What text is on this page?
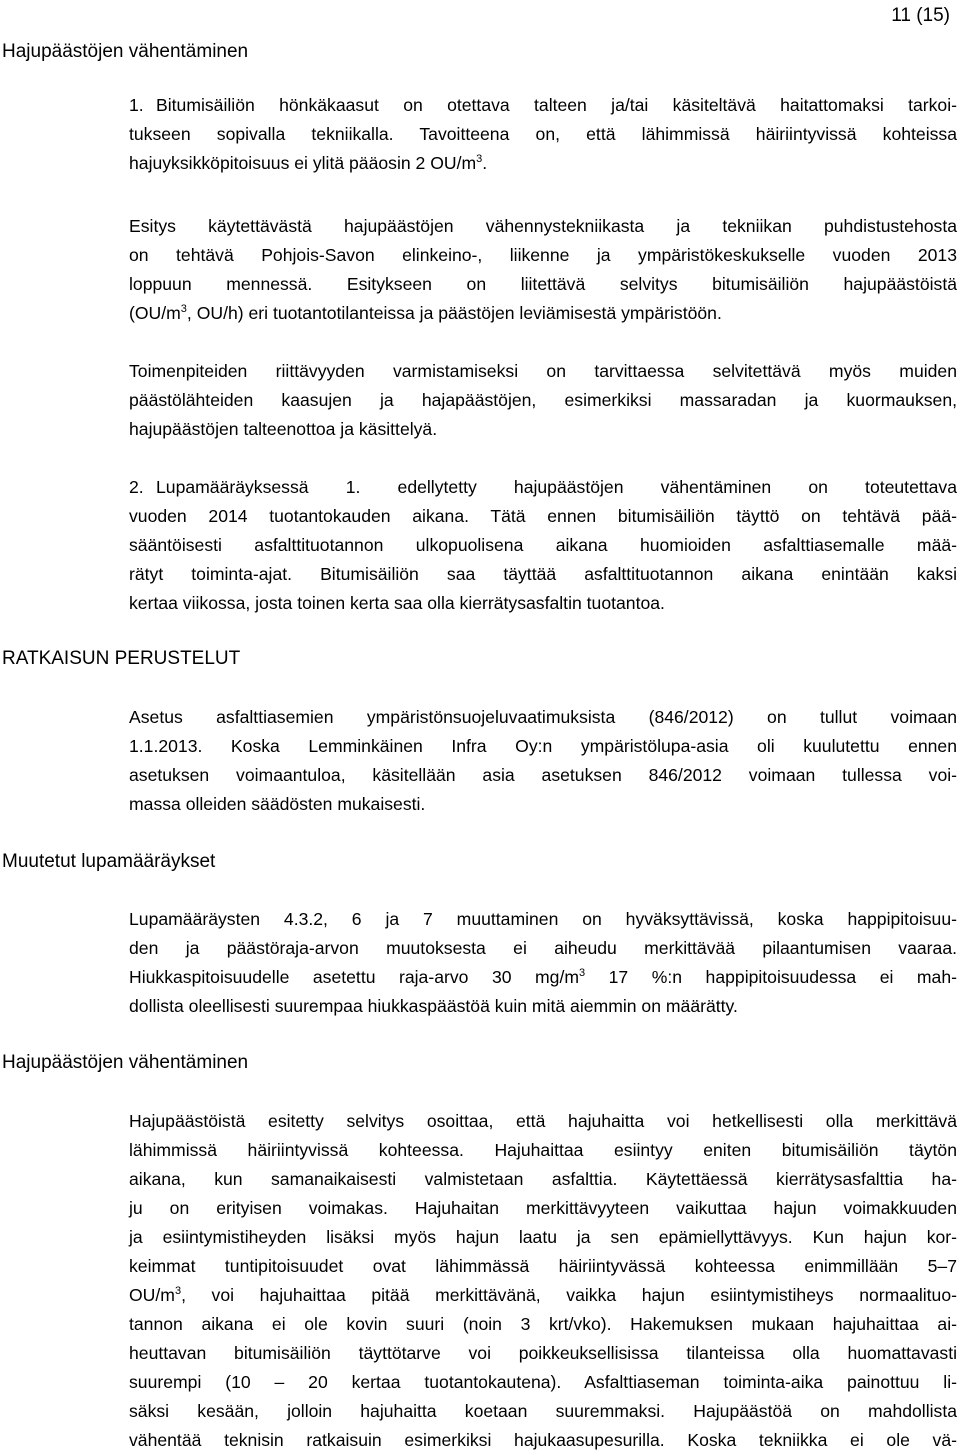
11 (15)
Hajupäästöjen vähentäminen
1. Bitumisäiliön hönkäkaasut on otettava talteen ja/tai käsiteltävä haitattomaksi tarkoi-
tukseen sopivalla tekniikalla. Tavoitteena on, että lähimmissä häiriintyvissä kohteissa
hajuyksikköpitoisuus ei ylitä pääosin 2 $OU/m^3$.
Esitys käytettävästä hajupäästöjen vähennystekniikasta ja tekniikan puhdistustehosta
on tehtävä Pohjois-Savon elinkeino-, liikenne ja ympäristökeskukselle vuoden 2013
loppuun mennessä. Esitykseen on liitettävä selvitys bitumisäiliön hajupäästöistä
($OU/m^3$, OU/h) eri tuotantotilanteissa ja päästöjen leviämisestä ympäristöön.
Toimenpiteiden riittävyyden varmistamiseksi on tarvittaessa selvitettävä myös muiden
päästölähteiden kaasujen ja hajapäästöjen, esimerkiksi massaradan ja kuormauksen,
hajupäästöjen talteenottoa ja käsittelyä.
2. Lupamääräyksessä 1. edellytetty hajupäästöjen vähentäminen on toteutettava
vuoden 2014 tuotantokauden aikana. Tätä ennen bitumisäiliön täyttö on tehtävä pää-
sääntöisesti asfalttituotannon ulkopuolisena aikana huomioiden asfalttiasemalle mää-
rätyt toiminta-ajat. Bitumisäiliön saa täyttää asfalttituotannon aikana enintään kaksi
kertaa viikossa, josta toinen kerta saa olla kierrätysasfaltin tuotantoa.
RATKAISUN PERUSTELUT
Asetus asfalttiasemien ympäristönsuojeluvaatimuksista (846/2012) on tullut voimaan
1.1.2013. Koska Lemminkäinen Infra Oy:n ympäristölupa-asia oli kuulutettu ennen
asetuksen voimaantuloa, käsitellään asia asetuksen 846/2012 voimaan tullessa voi-
massa olleiden säädösten mukaisesti.
Muutetut lupamääräykset
Lupamääräysten 4.3.2, 6 ja 7 muuttaminen on hyväksyttävissä, koska happipitoisuu-
den ja päästöraja-arvon muutoksesta ei aiheudu merkittävää pilaantumisen vaaraa.
Hiukkaspitoisuudelle asetettu raja-arvo 30 $mg/m^3$ 17 %:n happipitoisuudessa ei mah-
dollista oleellisesti suurempaa hiukkaspäästöä kuin mitä aiemmin on määrätty.
Hajupäästöjen vähentäminen
Hajupäästöistä esitetty selvitys osoittaa, että hajuhaitta voi hetkellisesti olla merkittävä
lähimmissä häiriintyvissä kohteessa. Hajuhaittaa esiintyy eniten bitumisäiliön täytön
aikana, kun samanaikaisesti valmistetaan asfalttia. Käytettäessä kierrätysasfalttia ha-
ju on erityisen voimakas. Hajuhaitan merkittävyyteen vaikuttaa hajun voimakkuuden
ja esiintymistiheyden lisäksi myös hajun laatu ja sen epämiellyttävyys. Kun hajun kor-
keimmat tuntipitoisuudet ovat lähimmässä häiriintyvässä kohteessa enimmillään 5–7
$OU/m^3$, voi hajuhaittaa pitää merkittävänä, vaikka hajun esiintymistiheys normaalituo-
tannon aikana ei ole kovin suuri (noin 3 krt/vko). Hakemuksen mukaan hajuhaittaa ai-
heuttavan bitumisäiliön täyttötarve voi poikkeuksellisissa tilanteissa olla huomattavasti
suurempi (10 – 20 kertaa tuotantokautena). Asfalttiaseman toiminta-aika painottuu li-
säksi kesään, jolloin hajuhaitta koetaan suuremmaksi. Hajupäästöä on mahdollista
vähentää teknisin ratkaisuin esimerkiksi hajukaasupesurilla. Koska tekniikka ei ole vä-
